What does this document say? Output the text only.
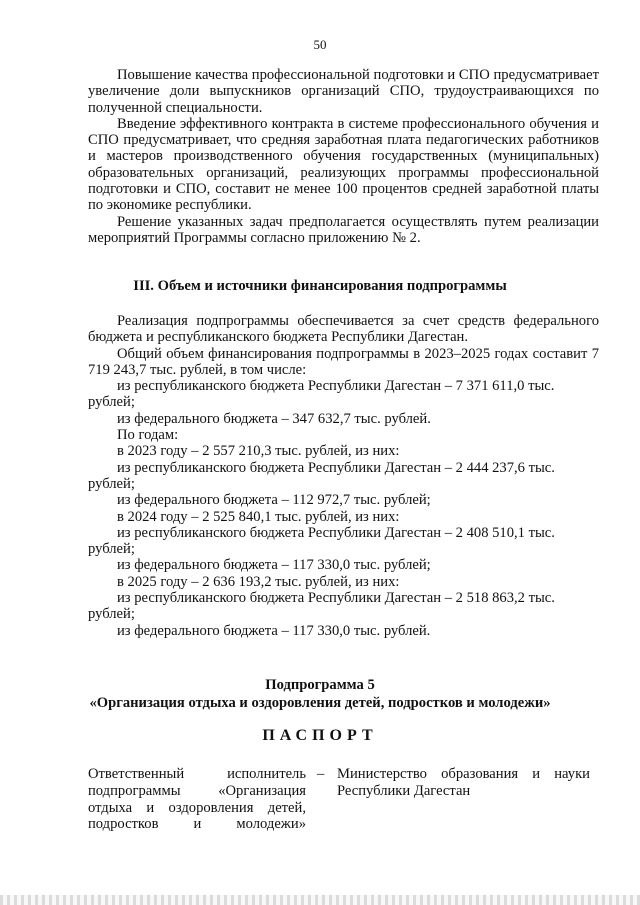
50

Повышение качества профессиональной подготовки и СПО предусматривает увеличение доли выпускников организаций СПО, трудоустраивающихся по полученной специальности.

Введение эффективного контракта в системе профессионального обучения и СПО предусматривает, что средняя заработная плата педагогических работников и мастеров производственного обучения государственных (муниципальных) образовательных организаций, реализующих программы профессиональной подготовки и СПО, составит не менее 100 процентов средней заработной платы по экономике республики.

Решение указанных задач предполагается осуществлять путем реализации мероприятий Программы согласно приложению № 2.

III. Объем и источники финансирования подпрограммы

Реализация подпрограммы обеспечивается за счет средств федерального бюджета и республиканского бюджета Республики Дагестан.

Общий объем финансирования подпрограммы в 2023–2025 годах составит 7 719 243,7 тыс. рублей, в том числе:

из республиканского бюджета Республики Дагестан – 7 371 611,0 тыс. рублей;

из федерального бюджета – 347 632,7 тыс. рублей.

По годам:

в 2023 году – 2 557 210,3 тыс. рублей, из них:

из республиканского бюджета Республики Дагестан – 2 444 237,6 тыс. рублей;

из федерального бюджета – 112 972,7 тыс. рублей;

в 2024 году – 2 525 840,1 тыс. рублей, из них:

из республиканского бюджета Республики Дагестан – 2 408 510,1 тыс. рублей;

из федерального бюджета – 117 330,0 тыс. рублей;

в 2025 году – 2 636 193,2 тыс. рублей, из них:

из республиканского бюджета Республики Дагестан – 2 518 863,2 тыс. рублей;

из федерального бюджета – 117 330,0 тыс. рублей.

Подпрограмма 5
«Организация отдыха и оздоровления детей, подростков и молодежи»
ПАСПОРТ
Ответственный исполнитель подпрограммы «Организация отдыха и оздоровления детей, подростков и молодежи»
– Министерство образования и науки Республики Дагестан
